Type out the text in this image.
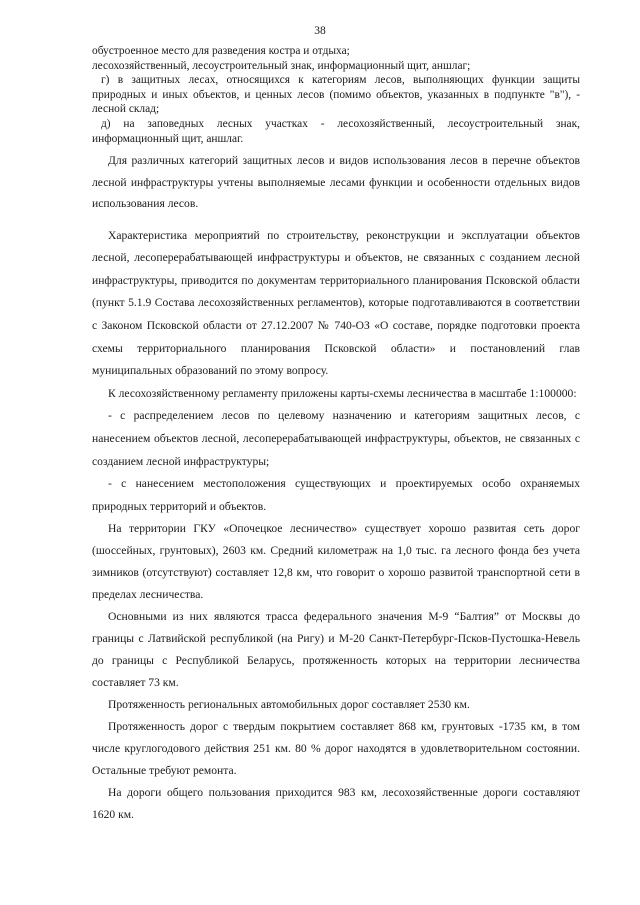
38

обустроенное место для разведения костра и отдыха;

лесохозяйственный, лесоустроительный знак, информационный щит, аншлаг;

г) в защитных лесах, относящихся к категориям лесов, выполняющих функции защиты природных и иных объектов, и ценных лесов (помимо объектов, указанных в подпункте "в"), - лесной склад;

д) на заповедных лесных участках - лесохозяйственный, лесоустроительный знак, информационный щит, аншлаг.

Для различных категорий защитных лесов и видов использования лесов в перечне объектов лесной инфраструктуры учтены выполняемые лесами функции и особенности отдельных видов использования лесов.

Характеристика мероприятий по строительству, реконструкции и эксплуатации объектов лесной, лесоперерабатывающей инфраструктуры и объектов, не связанных с созданием лесной инфраструктуры, приводится по документам территориального планирования Псковской области (пункт 5.1.9 Состава лесохозяйственных регламентов), которые подготавливаются в соответствии с Законом Псковской области от 27.12.2007 № 740-ОЗ «О составе, порядке подготовки проекта схемы территориального планирования Псковской области» и постановлений глав муниципальных образований по этому вопросу.

К лесохозяйственному регламенту приложены карты-схемы лесничества в масштабе 1:100000:

- с распределением лесов по целевому назначению и категориям защитных лесов, с нанесением объектов лесной, лесоперерабатывающей инфраструктуры, объектов, не связанных с созданием лесной инфраструктуры;

- с нанесением местоположения существующих и проектируемых особо охраняемых природных территорий и объектов.

На территории ГКУ «Опочецкое лесничество» существует хорошо развитая сеть дорог (шоссейных, грунтовых), 2603 км. Средний километраж на 1,0 тыс. га лесного фонда без учета зимников (отсутствуют) составляет 12,8 км, что говорит о хорошо развитой транспортной сети в пределах лесничества.

Основными из них являются трасса федерального значения М-9 “Балтия” от Москвы до границы с Латвийской республикой (на Ригу) и М-20 Санкт-Петербург-Псков-Пустошка-Невель до границы с Республикой Беларусь, протяженность которых на территории лесничества составляет 73 км.

Протяженность региональных автомобильных дорог составляет 2530 км.

Протяженность дорог с твердым покрытием составляет 868 км, грунтовых -1735 км, в том числе круглогодового действия 251 км. 80 % дорог находятся в удовлетворительном состоянии. Остальные требуют ремонта.

На дороги общего пользования приходится 983 км, лесохозяйственные дороги составляют 1620 км.
